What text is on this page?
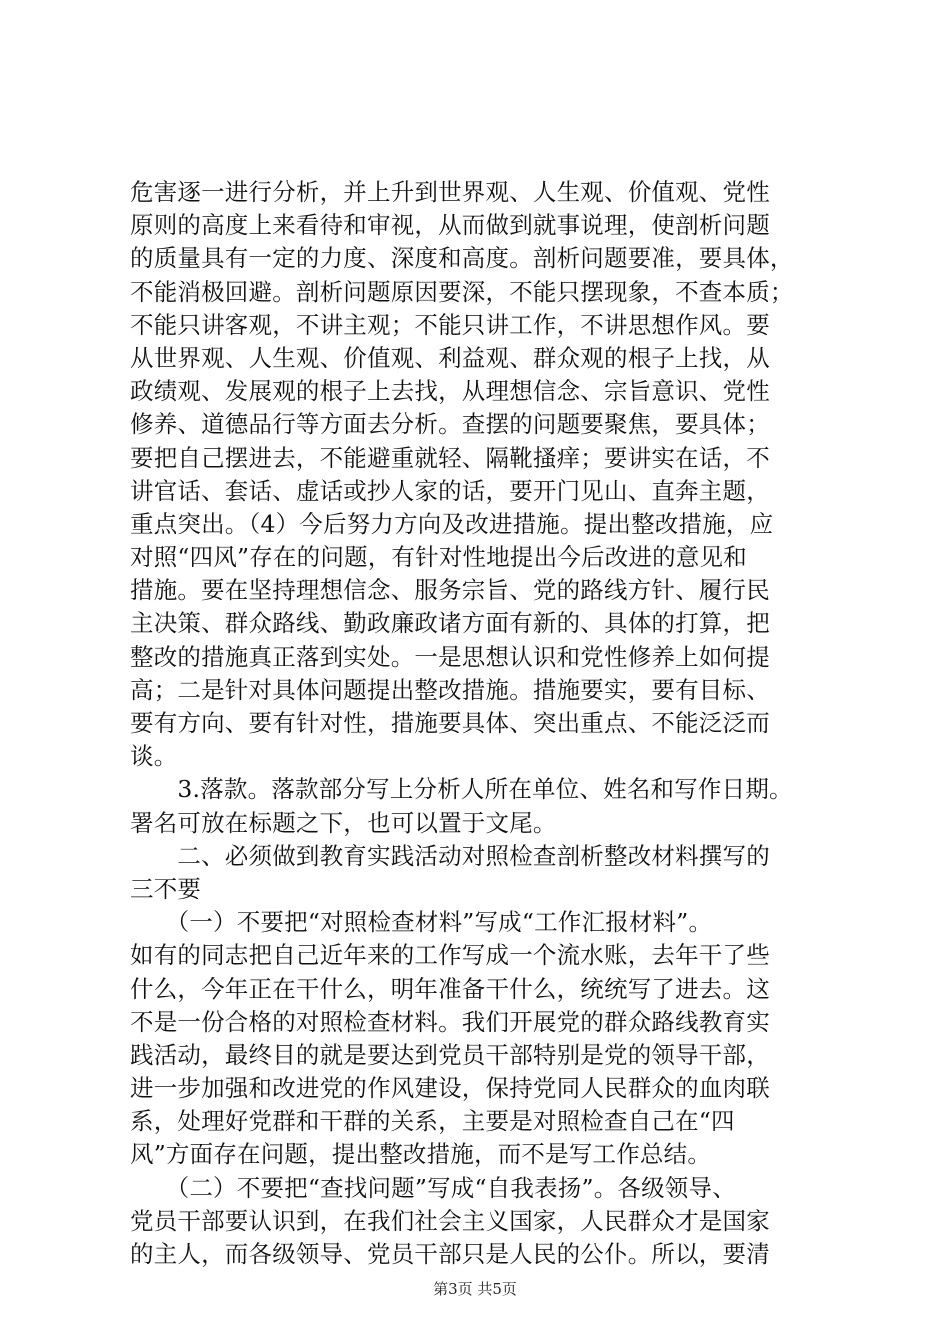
危害逐一进行分析，并上升到世界观、人生观、价值观、党性
原则的高度上来看待和审视，从而做到就事说理，使剖析问题
的质量具有一定的力度、深度和高度。剖析问题要准，要具体，
不能消极回避。剖析问题原因要深，不能只摆现象，不查本质；
不能只讲客观，不讲主观；不能只讲工作，不讲思想作风。要
从世界观、人生观、价值观、利益观、群众观的根子上找，从
政绩观、发展观的根子上去找，从理想信念、宗旨意识、党性
修养、道德品行等方面去分析。查摆的问题要聚焦，要具体；
要把自己摆进去，不能避重就轻、隔靴搔痒；要讲实在话，不
讲官话、套话、虚话或抄人家的话，要开门见山、直奔主题，
重点突出。（4）今后努力方向及改进措施。提出整改措施，应
对照“四风”存在的问题，有针对性地提出今后改进的意见和
措施。要在坚持理想信念、服务宗旨、党的路线方针、履行民
主决策、群众路线、勤政廉政诸方面有新的、具体的打算，把
整改的措施真正落到实处。一是思想认识和党性修养上如何提
高；二是针对具体问题提出整改措施。措施要实，要有目标、
要有方向、要有针对性，措施要具体、突出重点、不能泛泛而
谈。
　　3.落款。落款部分写上分析人所在单位、姓名和写作日期。
署名可放在标题之下，也可以置于文尾。
　　二、必须做到教育实践活动对照检查剖析整改材料撰写的
三不要
　　（一）不要把“对照检查材料”写成“工作汇报材料”。
如有的同志把自己近年来的工作写成一个流水账，去年干了些
什么，今年正在干什么，明年准备干什么，统统写了进去。这
不是一份合格的对照检查材料。我们开展党的群众路线教育实
践活动，最终目的就是要达到党员干部特别是党的领导干部，
进一步加强和改进党的作风建设，保持党同人民群众的血肉联
系，处理好党群和干群的关系，主要是对照检查自己在“四
风”方面存在问题，提出整改措施，而不是写工作总结。
　　（二）不要把“查找问题”写成“自我表扬”。各级领导、
党员干部要认识到，在我们社会主义国家，人民群众才是国家
的主人，而各级领导、党员干部只是人民的公仆。所以，要清
第3页 共5页
